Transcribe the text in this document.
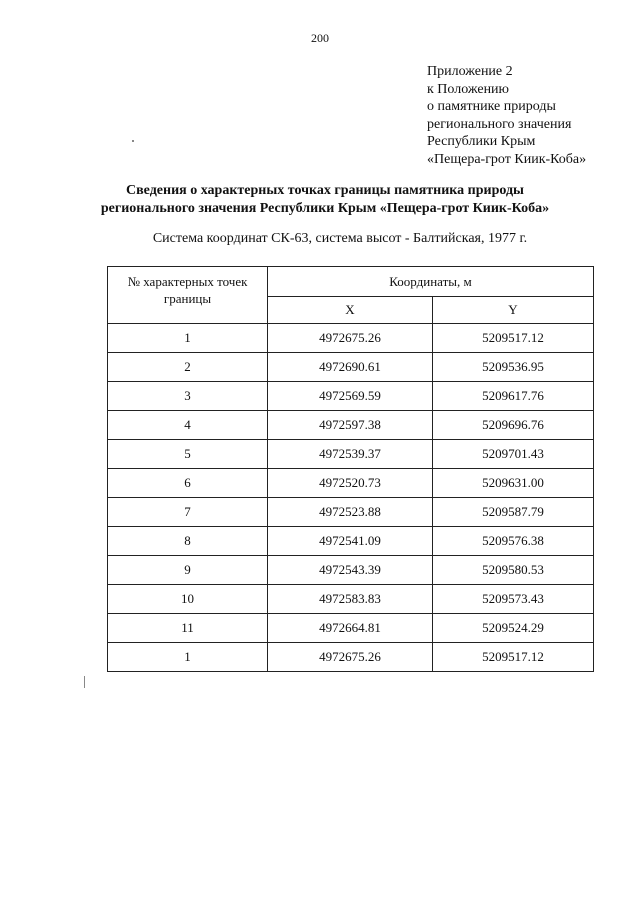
200
Приложение 2
к Положению
о памятнике природы
регионального значения
Республики Крым
«Пещера-грот Киик-Коба»
Сведения о характерных точках границы памятника природы
регионального значения Республики Крым «Пещера-грот Киик-Коба»
Система координат СК-63, система высот - Балтийская, 1977 г.
№ характерных точек границы	Координаты, м	
	X	Y
1	4972675.26	5209517.12
2	4972690.61	5209536.95
3	4972569.59	5209617.76
4	4972597.38	5209696.76
5	4972539.37	5209701.43
6	4972520.73	5209631.00
7	4972523.88	5209587.79
8	4972541.09	5209576.38
9	4972543.39	5209580.53
10	4972583.83	5209573.43
11	4972664.81	5209524.29
1	4972675.26	5209517.12
